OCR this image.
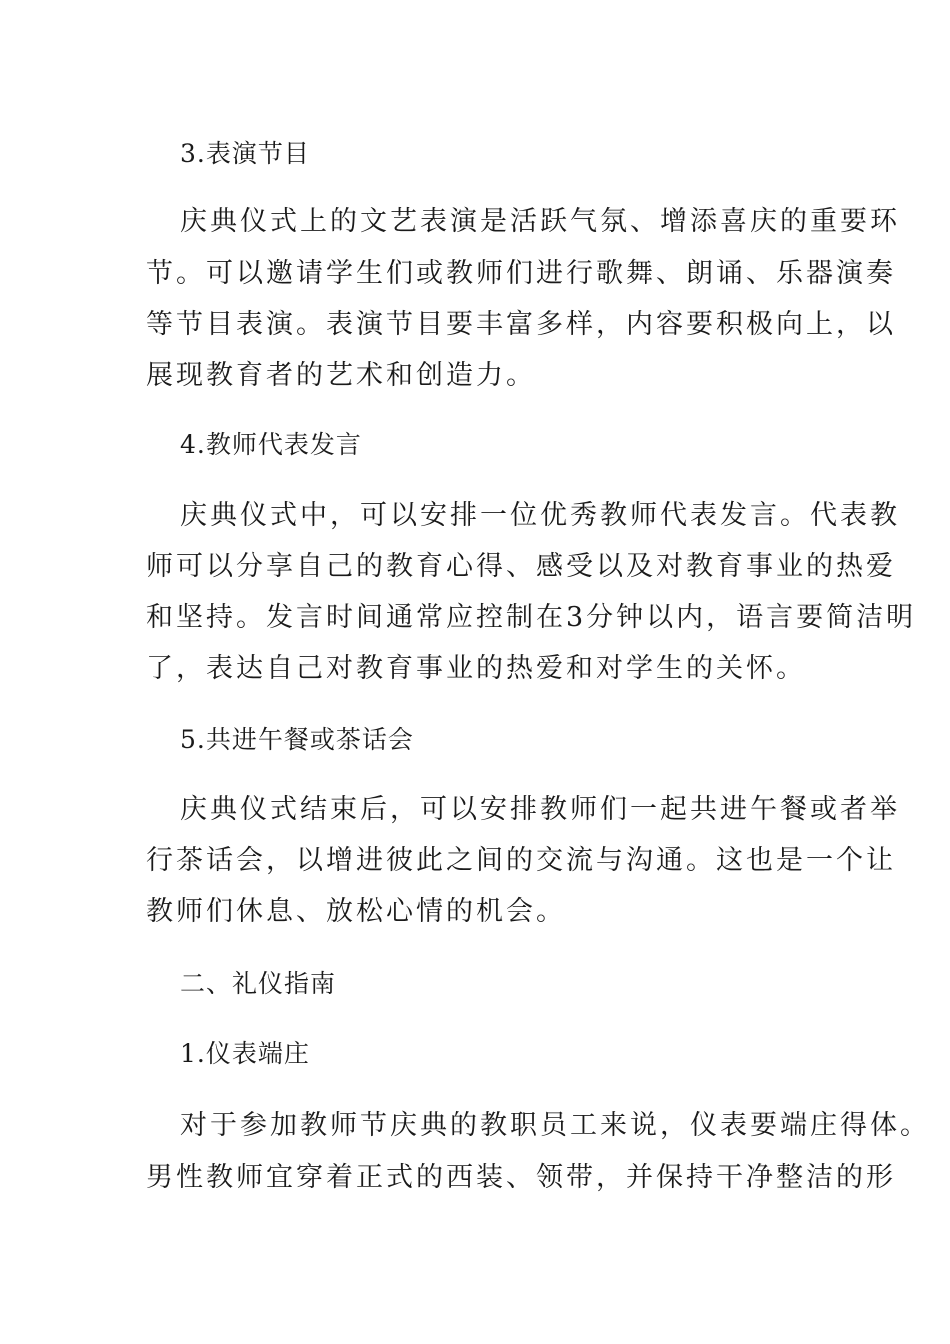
3.表演节目
庆典仪式上的文艺表演是活跃气氛、增添喜庆的重要环
节。可以邀请学生们或教师们进行歌舞、朗诵、乐器演奏
等节目表演。表演节目要丰富多样，内容要积极向上，以
展现教育者的艺术和创造力。
4.教师代表发言
庆典仪式中，可以安排一位优秀教师代表发言。代表教
师可以分享自己的教育心得、感受以及对教育事业的热爱
和坚持。发言时间通常应控制在3分钟以内，语言要简洁明
了，表达自己对教育事业的热爱和对学生的关怀。
5.共进午餐或茶话会
庆典仪式结束后，可以安排教师们一起共进午餐或者举
行茶话会，以增进彼此之间的交流与沟通。这也是一个让
教师们休息、放松心情的机会。
二、礼仪指南
1.仪表端庄
对于参加教师节庆典的教职员工来说，仪表要端庄得体。
男性教师宜穿着正式的西装、领带，并保持干净整洁的形
